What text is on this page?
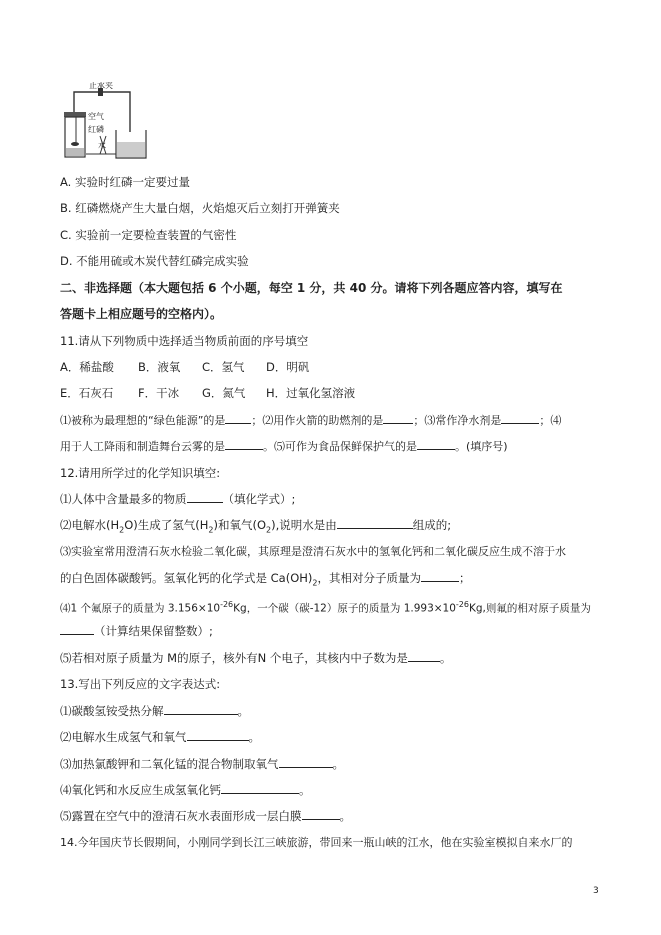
止水夹
空气
红磷
水
A. 实验时红磷一定要过量
B. 红磷燃烧产生大量白烟，火焰熄灭后立刻打开弹簧夹
C. 实验前一定要检查装置的气密性
D. 不能用硫或木炭代替红磷完成实验
二、非选择题（本大题包括 6 个小题，每空 1 分，共 40 分。请将下列各题应答内容，填写在
答题卡上相应题号的空格内）。
11.请从下列物质中选择适当物质前面的序号填空
A．稀盐酸 B．液氧 C．氢气 D．明矾
E．石灰石 F．干冰 G．氮气 H．过氧化氢溶液
⑴被称为最理想的“绿色能源”的是 ；⑵用作火箭的助燃剂的是	；⑶常作净水剂是	；⑷
用于人工降雨和制造舞台云雾的是	。⑸可作为食品保鲜保护气的是	。(填序号)
12.请用所学过的化学知识填空:
⑴人体中含量最多的物质	（填化学式）;
⑵电解水$(H_2O)$生成了氢气$(H_2)$和氧气$(O_2)$,说明水是由	组成的;
⑶实验室常用澄清石灰水检验二氧化碳，其原理是澄清石灰水中的氢氧化钙和二氧化碳反应生成不溶于水
的白色固体碳酸钙。氢氧化钙的化学式是 $Ca(OH)_2$，其相对分子质量为	；
⑷1 个氟原子的质量为 $3.156\times 10^{-26}Kg$，一个碳（碳-12）原子的质量为 $1.993\times 10^{-26}Kg$,则氟的相对原子质量为
（计算结果保留整数）;
⑸若相对原子质量为 M的原子，核外有N 个电子，其核内中子数为是	。
13.写出下列反应的文字表达式:
⑴碳酸氢铵受热分解	。
⑵电解水生成氢气和氧气	。
⑶加热氯酸钾和二氧化锰的混合物制取氧气	。
⑷氧化钙和水反应生成氢氧化钙	。
⑸露置在空气中的澄清石灰水表面形成一层白膜	。
14.今年国庆节长假期间，小刚同学到长江三峡旅游，带回来一瓶山峡的江水，他在实验室模拟自来水厂的
3
